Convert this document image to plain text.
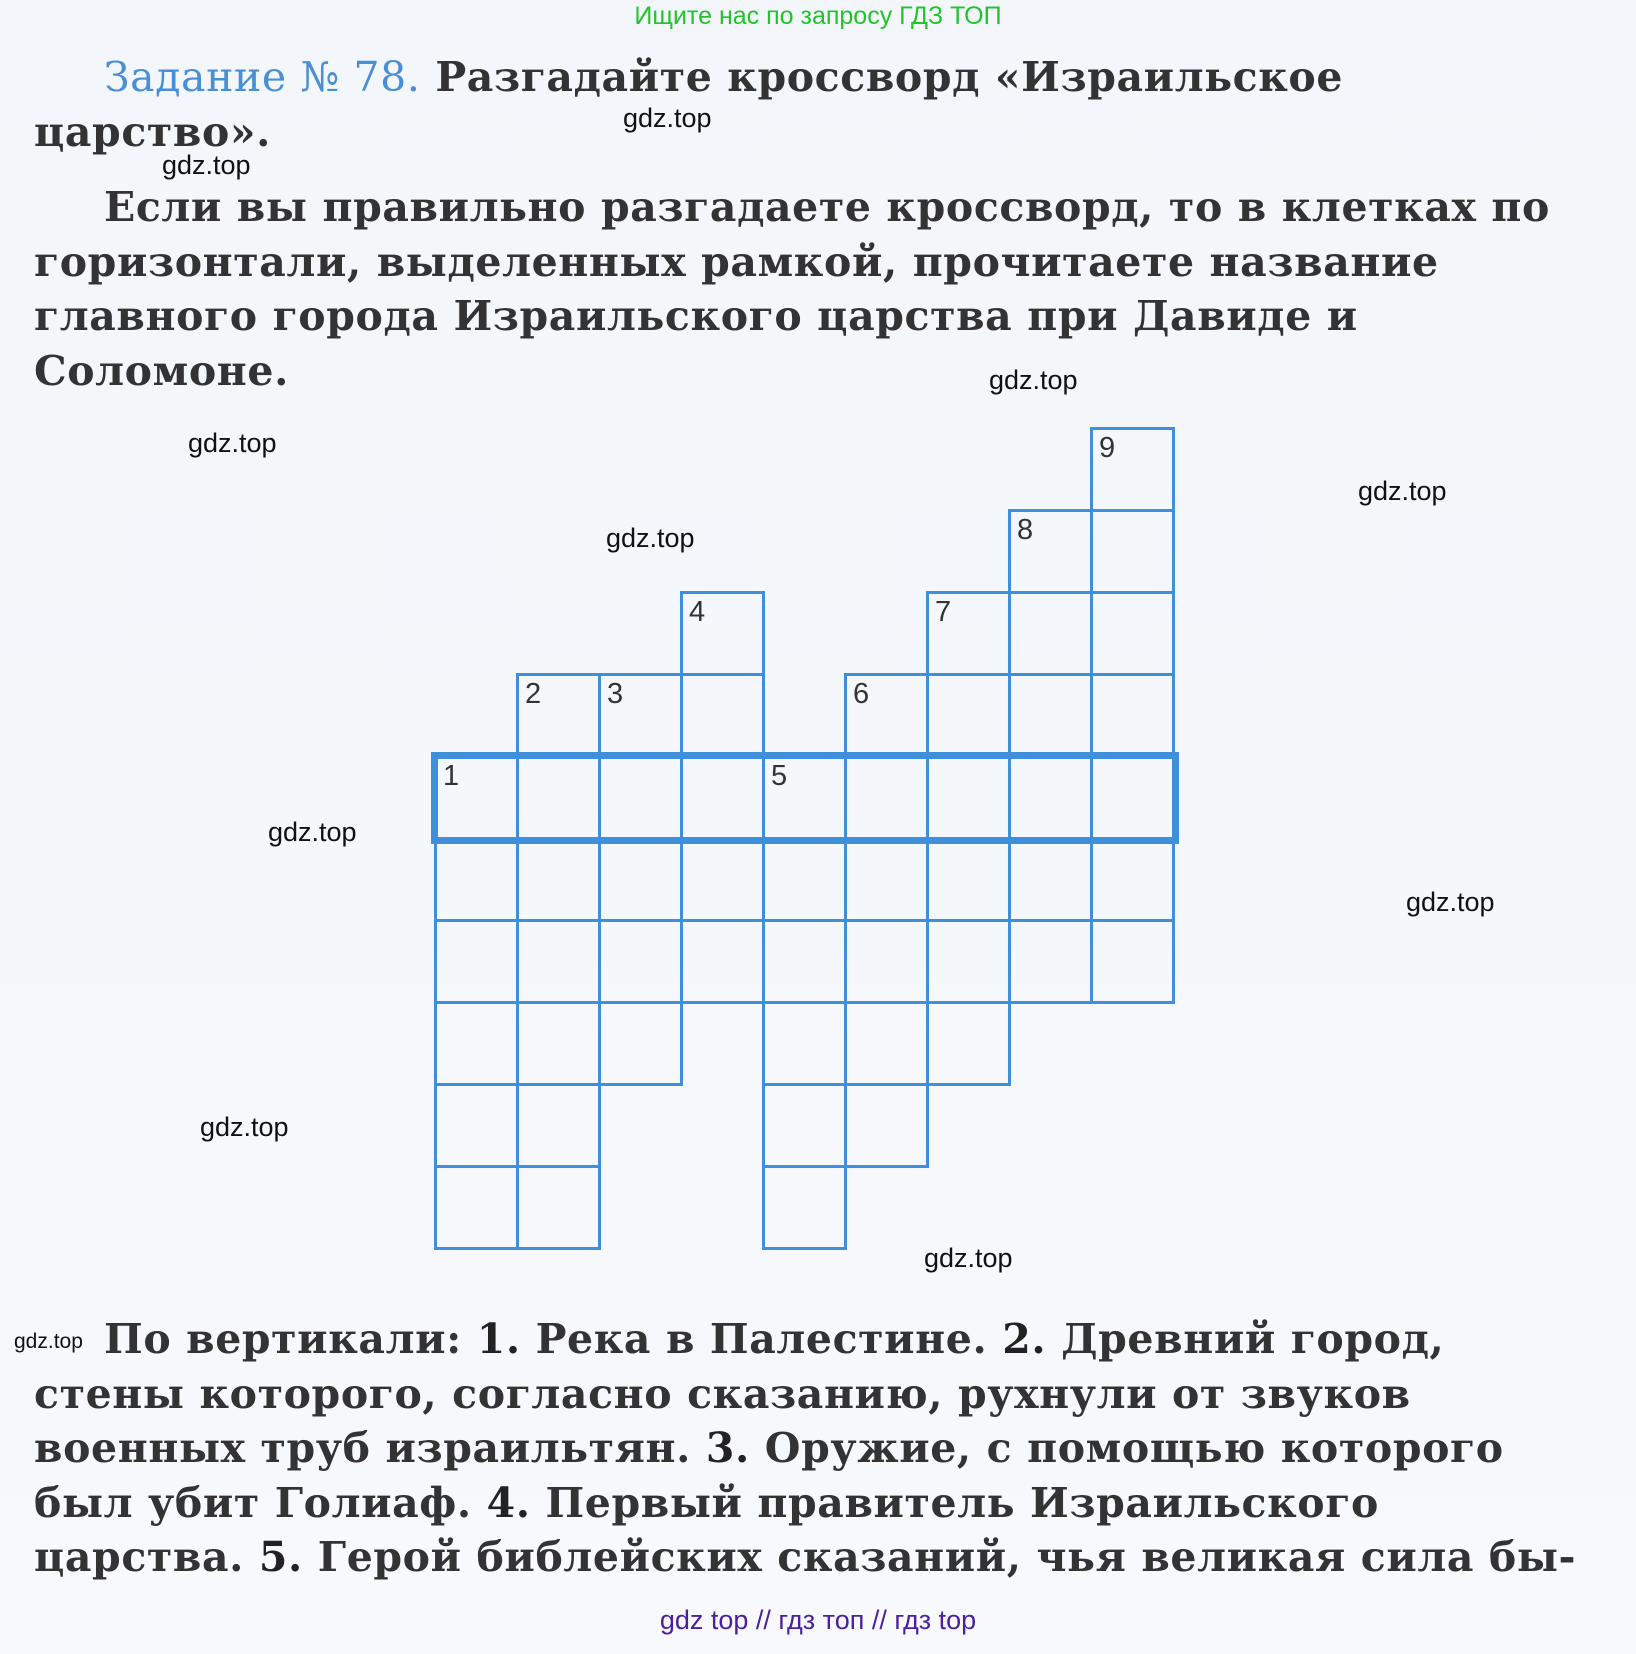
Ищите нас по запросу ГДЗ ТОП
Задание № 78. Разгадайте кроссворд «Израильское царство».
Если вы правильно разгадаете кроссворд, то в клетках по горизонтали, выделенных рамкой, прочитаете название главного города Израильского царства при Давиде и Соломоне.
1
2 3
4
5
6
7
8
9
По вертикали: 1. Река в Палестине. 2. Древний город, стены которого, согласно сказанию, рухнули от звуков военных труб израильтян. 3. Оружие, с помощью которого был убит Голиаф. 4. Первый правитель Израильского царства. 5. Герой библейских сказаний, чья великая сила бы-
gdz.top
gdz.top
gdz.top
gdz.top
gdz.top
gdz.top
gdz.top
gdz.top
gdz.top
gdz.top
gdz.top
gdz top // гдз топ // гдз top
